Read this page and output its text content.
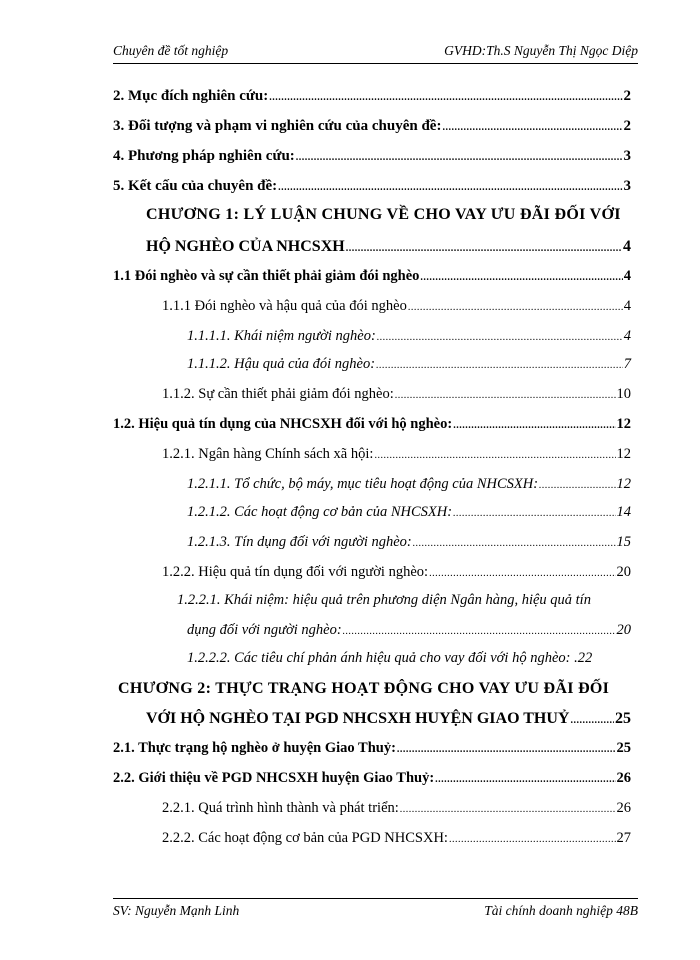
Chuyên đề tốt nghiệp	GVHD:Th.S Nguyễn Thị Ngọc Diệp
2. Mục đích nghiên cứu: .....	2
3. Đối tượng và phạm vi nghiên cứu của chuyên đề: .....	2
4. Phương pháp nghiên cứu: .....	3
5. Kết cấu của chuyên đề: .....	3
CHƯƠNG 1: LÝ LUẬN CHUNG VỀ CHO VAY ƯU ĐÃI ĐỐI VỚI
HỘ NGHÈO CỦA NHCSXH .....	4
1.1 Đói nghèo và sự cần thiết phải giảm đói nghèo .....	4
1.1.1 Đói nghèo và hậu quả của đói nghèo .....	4
1.1.1.1. Khái niệm người nghèo: .....	4
1.1.1.2. Hậu quả của đói nghèo: .....	7
1.1.2. Sự cần thiết phải giảm đói nghèo: .....	10
1.2. Hiệu quả tín dụng của NHCSXH đối với hộ nghèo: .....	12
1.2.1. Ngân hàng Chính sách xã hội: .....	12
1.2.1.1. Tổ chức, bộ máy, mục tiêu hoạt động của NHCSXH: .....	12
1.2.1.2. Các hoạt động cơ bản của NHCSXH: .....	14
1.2.1.3. Tín dụng đối với người nghèo: .....	15
1.2.2. Hiệu quả tín dụng đối với người nghèo: .....	20
1.2.2.1. Khái niệm: hiệu quả trên phương diện Ngân hàng, hiệu quả tín
dụng đối với người nghèo: .....	20
1.2.2.2. Các tiêu chí phản ánh hiệu quả cho vay đối với hộ nghèo: .22
CHƯƠNG 2: THỰC TRẠNG HOẠT ĐỘNG CHO VAY ƯU ĐÃI ĐỐI
VỚI HỘ NGHÈO TẠI PGD NHCSXH HUYỆN GIAO THUỶ .....	25
2.1. Thực trạng hộ nghèo ở huyện Giao Thuỷ: .....	25
2.2. Giới thiệu về PGD NHCSXH huyện Giao Thuỷ: .....	26
2.2.1. Quá trình hình thành và phát triển: .....	26
2.2.2. Các hoạt động cơ bản của PGD NHCSXH: .....	27
SV: Nguyễn Mạnh Linh	Tài chính doanh nghiệp 48B
